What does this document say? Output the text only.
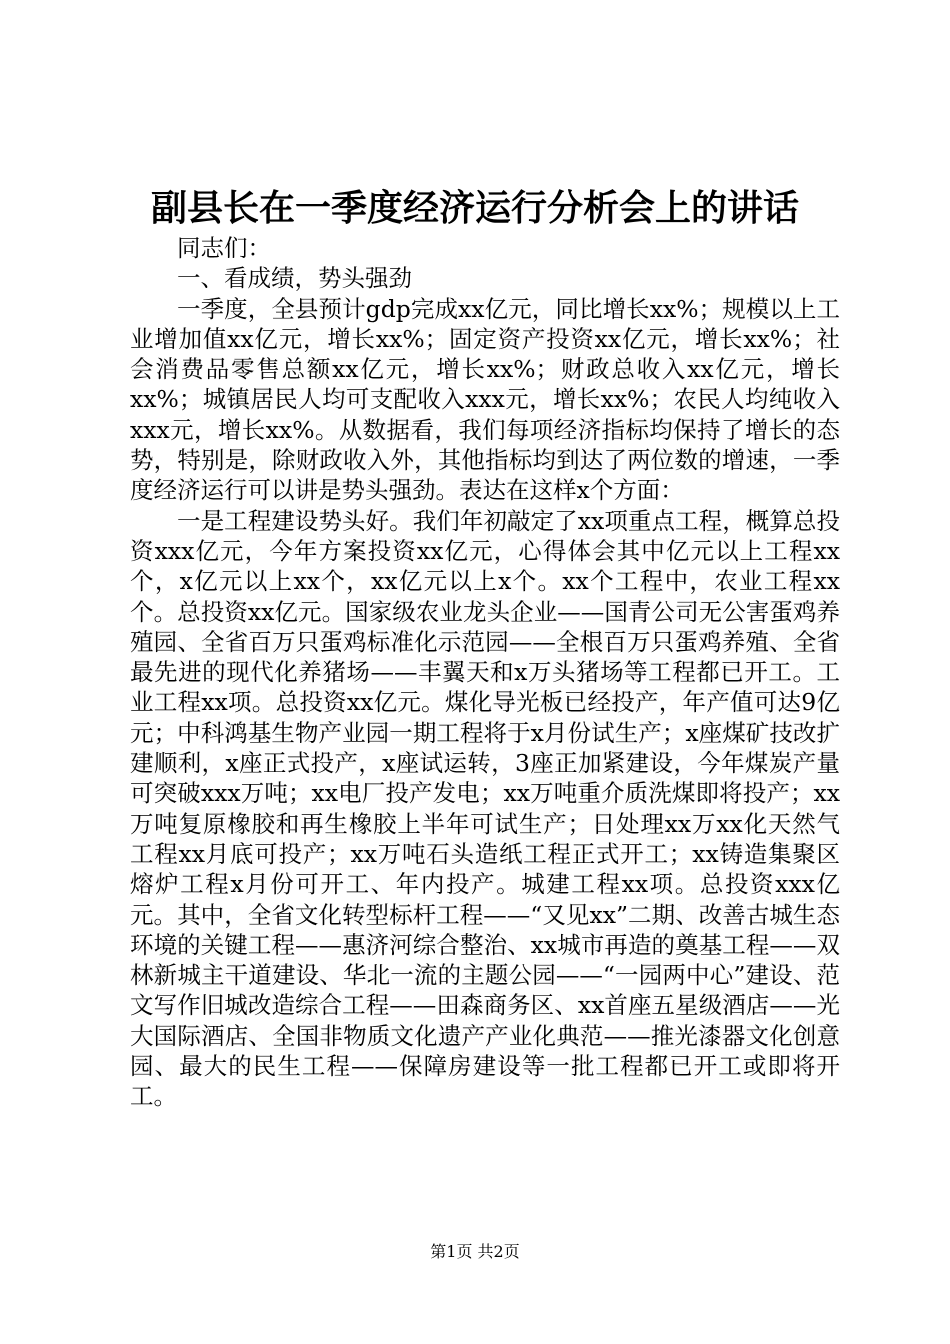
副县长在一季度经济运行分析会上的讲话

同志们：

一、看成绩，势头强劲

一季度，全县预计gdp完成xx亿元，同比增长xx%；规模以上工业增加值xx亿元，增长xx%；固定资产投资xx亿元，增长xx%；社会消费品零售总额xx亿元，增长xx%；财政总收入xx亿元，增长xx%；城镇居民人均可支配收入xxx元，增长xx%；农民人均纯收入xxx元，增长xx%。从数据看，我们每项经济指标均保持了增长的态势，特别是，除财政收入外，其他指标均到达了两位数的增速，一季度经济运行可以讲是势头强劲。表达在这样x个方面：

一是工程建设势头好。我们年初敲定了xx项重点工程，概算总投资xxx亿元，今年方案投资xx亿元，心得体会其中亿元以上工程xx个，x亿元以上xx个，xx亿元以上x个。xx个工程中，农业工程xx个。总投资xx亿元。国家级农业龙头企业——国青公司无公害蛋鸡养殖园、全省百万只蛋鸡标准化示范园——全根百万只蛋鸡养殖、全省最先进的现代化养猪场——丰翼天和x万头猪场等工程都已开工。工业工程xx项。总投资xx亿元。煤化导光板已经投产，年产值可达9亿元；中科鸿基生物产业园一期工程将于x月份试生产；x座煤矿技改扩建顺利，x座正式投产，x座试运转，3座正加紧建设，今年煤炭产量可突破xxx万吨；xx电厂投产发电；xx万吨重介质洗煤即将投产；xx万吨复原橡胶和再生橡胶上半年可试生产；日处理xx万xx化天然气工程xx月底可投产；xx万吨石头造纸工程正式开工；xx铸造集聚区熔炉工程x月份可开工、年内投产。城建工程xx项。总投资xxx亿元。其中，全省文化转型标杆工程——“又见xx”二期、改善古城生态环境的关键工程——惠济河综合整治、xx城市再造的奠基工程——双林新城主干道建设、华北一流的主题公园——“一园两中心”建设、范文写作旧城改造综合工程——田森商务区、xx首座五星级酒店——光大国际酒店、全国非物质文化遗产产业化典范——推光漆器文化创意园、最大的民生工程——保障房建设等一批工程都已开工或即将开工。

第1页 共2页
